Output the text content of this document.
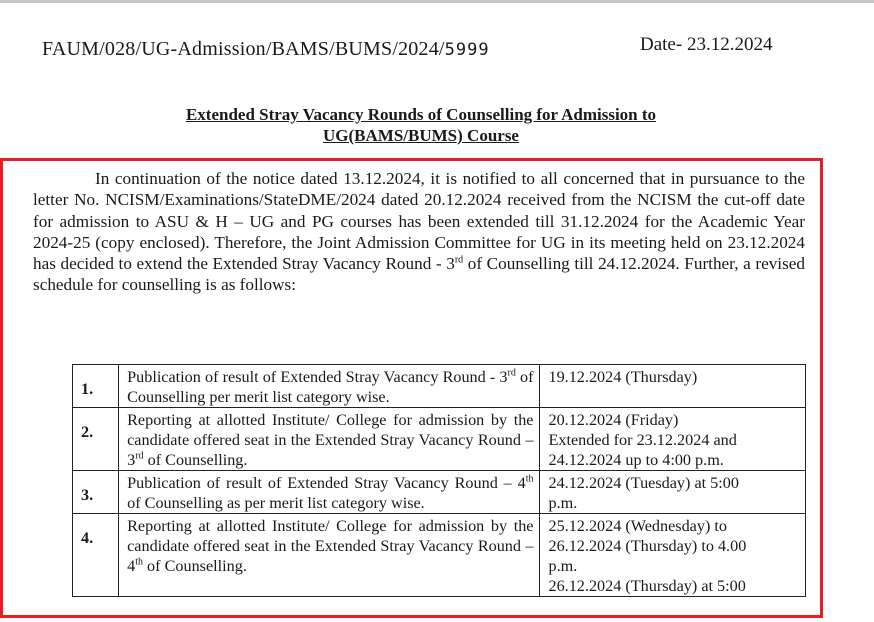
FAUM/028/UG-Admission/BAMS/BUMS/2024/5999	Date- 23.12.2024
Extended Stray Vacancy Rounds of Counselling for Admission to
UG(BAMS/BUMS) Course
In continuation of the notice dated 13.12.2024, it is notified to all concerned that in pursuance to the letter No. NCISM/Examinations/StateDME/2024 dated 20.12.2024 received from the NCISM the cut-off date for admission to ASU & H – UG and PG courses has been extended till 31.12.2024 for the Academic Year 2024-25 (copy enclosed). Therefore, the Joint Admission Committee for UG in its meeting held on 23.12.2024 has decided to extend the Extended Stray Vacancy Round - 3rd of Counselling till 24.12.2024. Further, a revised schedule for counselling is as follows:
1.	Publication of result of Extended Stray Vacancy Round - 3rd of Counselling per merit list category wise.	19.12.2024 (Thursday)

2.	Reporting at allotted Institute/ College for admission by the candidate offered seat in the Extended Stray Vacancy Round – 3rd of Counselling.	20.12.2024 (Friday)
Extended for 23.12.2024 and
24.12.2024 up to 4:00 p.m.

3.	Publication of result of Extended Stray Vacancy Round – 4th of Counselling as per merit list category wise.	24.12.2024 (Tuesday) at 5:00
p.m.

4.	Reporting at allotted Institute/ College for admission by the candidate offered seat in the Extended Stray Vacancy Round – 4th of Counselling.	25.12.2024 (Wednesday) to
26.12.2024 (Thursday) to 4.00
p.m.
26.12.2024 (Thursday) at 5:00
